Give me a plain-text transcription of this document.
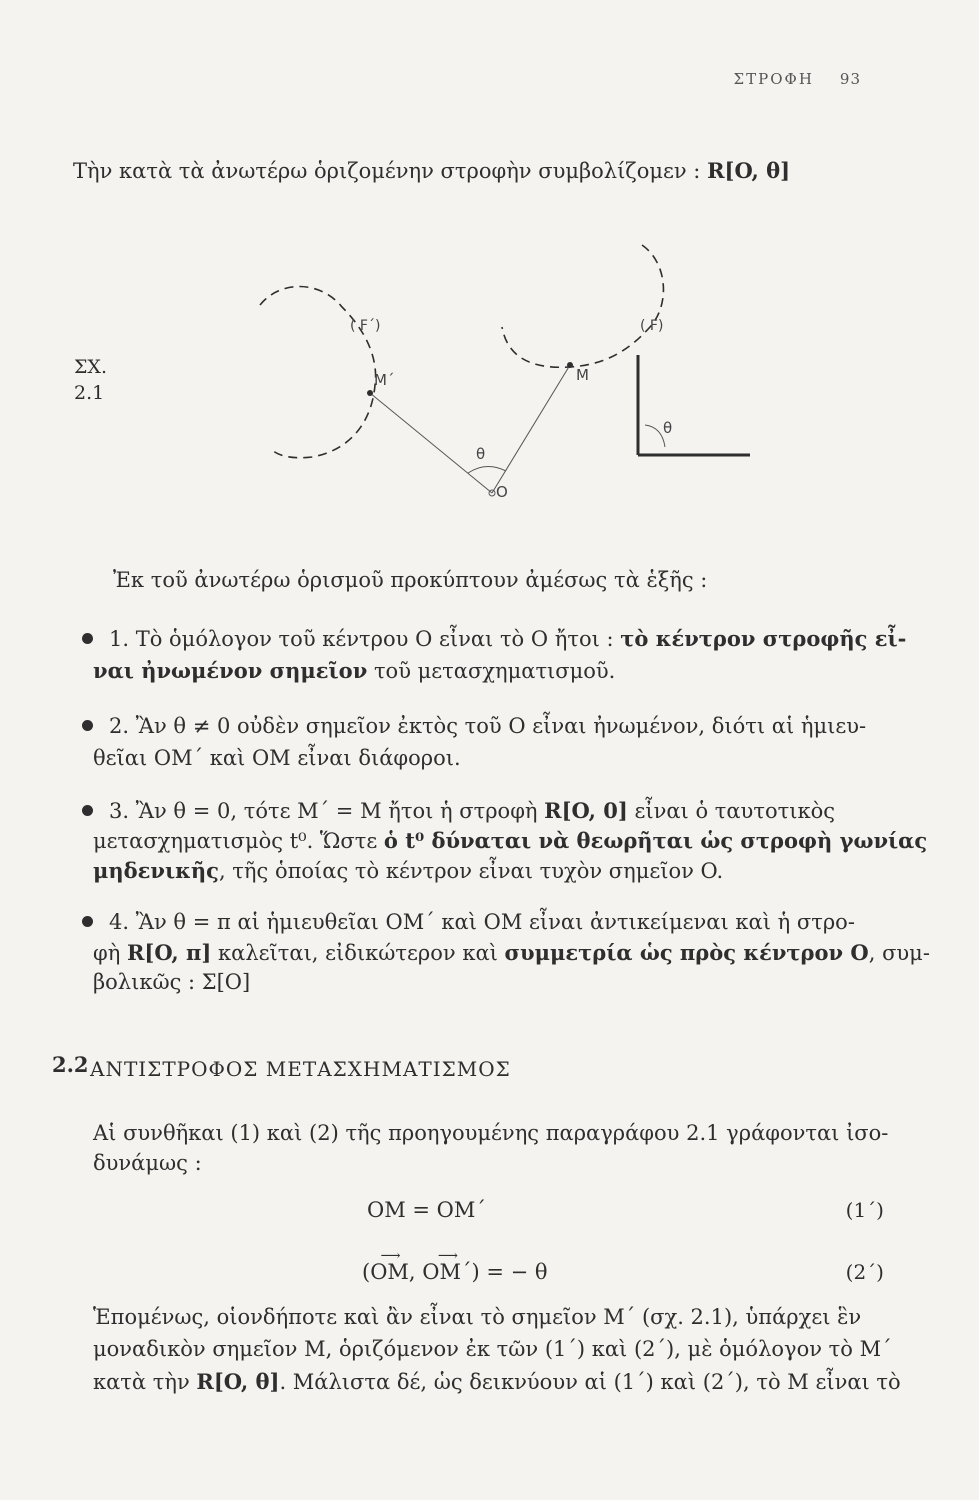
ΣΤΡΟΦΗ 93

Τὴν κατὰ τὰ ἀνωτέρω ὁριζομένην στροφὴν συμβολίζομεν : R[O, θ]

ΣΧ.
2.1
( F΄)	( F)
M΄	M
θ
O
θ

Ἐκ τοῦ ἀνωτέρω ὁρισμοῦ προκύπτουν ἀμέσως τὰ ἑξῆς :

1. Τὸ ὁμόλογον τοῦ κέντρου O εἶναι τὸ O ἤτοι : τὸ κέντρον στροφῆς εἶ-

ναι ἠνωμένον σημεῖον τοῦ μετασχηματισμοῦ.

2. Ἂν θ ≠ 0 οὐδὲν σημεῖον ἐκτὸς τοῦ O εἶναι ἠνωμένον, διότι αἱ ἡμιευ-

θεῖαι OM΄ καὶ OM εἶναι διάφοροι.

3. Ἂν θ = 0, τότε M΄ = M ἤτοι ἡ στροφὴ R[O, 0] εἶναι ὁ ταυτοτικὸς

μετασχηματισμὸς t⁰. Ὥστε ὁ t⁰ δύναται νὰ θεωρῆται ὡς στροφὴ γωνίας

μηδενικῆς, τῆς ὁποίας τὸ κέντρον εἶναι τυχὸν σημεῖον O.

4. Ἂν θ = π αἱ ἡμιευθεῖαι OM΄ καὶ OM εἶναι ἀντικείμεναι καὶ ἡ στρο-

φὴ R[O, π] καλεῖται, εἰδικώτερον καὶ συμμετρία ὡς πρὸς κέντρον O, συμ-

βολικῶς : Σ[O]

2.2 ΑΝΤΙΣΤΡΟΦΟΣ ΜΕΤΑΣΧΗΜΑΤΙΣΜΟΣ

Αἱ συνθῆκαι (1) καὶ (2) τῆς προηγουμένης παραγράφου 2.1 γράφονται ἰσο-

δυνάμως :

OM = OM΄	(1΄)

(
⟶
OM,
⟶
OM΄) = − θ	(2΄)

Ἑπομένως, οἱονδήποτε καὶ ἂν εἶναι τὸ σημεῖον M΄ (σχ. 2.1), ὑπάρχει ἓν

μοναδικὸν σημεῖον M, ὁριζόμενον ἐκ τῶν (1΄) καὶ (2΄), μὲ ὁμόλογον τὸ M΄

κατὰ τὴν R[O, θ]. Μάλιστα δέ, ὡς δεικνύουν αἱ (1΄) καὶ (2΄), τὸ M εἶναι τὸ
